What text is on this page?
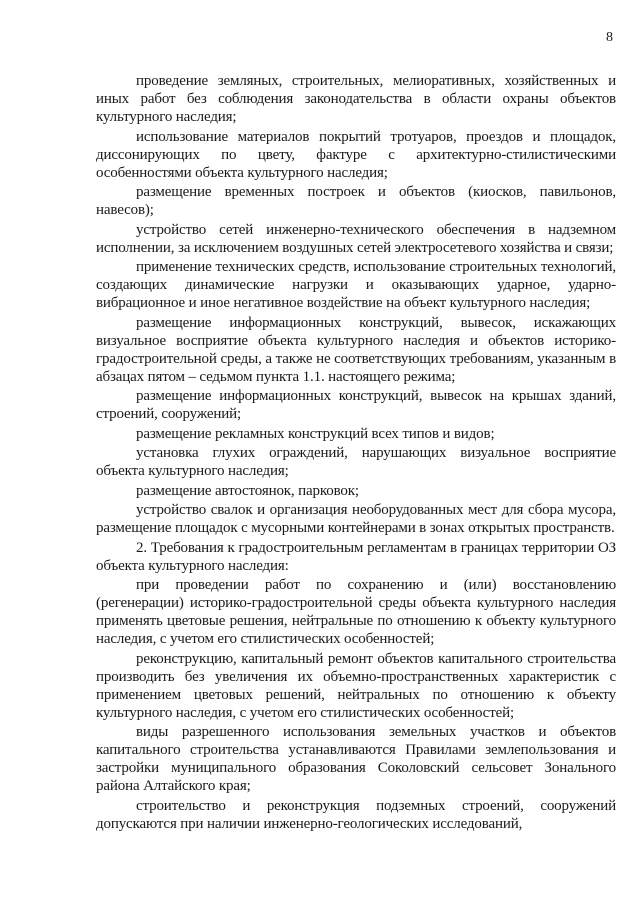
8

проведение земляных, строительных, мелиоративных, хозяйственных и иных работ без соблюдения законодательства в области охраны объектов культурного наследия;

использование материалов покрытий тротуаров, проездов и площадок, диссонирующих по цвету, фактуре с архитектурно-стилистическими особенностями объекта культурного наследия;

размещение временных построек и объектов (киосков, павильонов, навесов);

устройство сетей инженерно-технического обеспечения в надземном исполнении, за исключением воздушных сетей электросетевого хозяйства и связи;

применение технических средств, использование строительных технологий, создающих динамические нагрузки и оказывающих ударное, ударно-вибрационное и иное негативное воздействие на объект культурного наследия;

размещение информационных конструкций, вывесок, искажающих визуальное восприятие объекта культурного наследия и объектов историко-градостроительной среды, а также не соответствующих требованиям, указанным в абзацах пятом – седьмом пункта 1.1. настоящего режима;

размещение информационных конструкций, вывесок на крышах зданий, строений, сооружений;

размещение рекламных конструкций всех типов и видов;

установка глухих ограждений, нарушающих визуальное восприятие объекта культурного наследия;

размещение автостоянок, парковок;

устройство свалок и организация необорудованных мест для сбора мусора, размещение площадок с мусорными контейнерами в зонах открытых пространств.

2. Требования к градостроительным регламентам в границах территории ОЗ объекта культурного наследия:

при проведении работ по сохранению и (или) восстановлению (регенерации) историко-градостроительной среды объекта культурного наследия применять цветовые решения, нейтральные по отношению к объекту культурного наследия, с учетом его стилистических особенностей;

реконструкцию, капитальный ремонт объектов капитального строительства производить без увеличения их объемно-пространственных характеристик с применением цветовых решений, нейтральных по отношению к объекту культурного наследия, с учетом его стилистических особенностей;

виды разрешенного использования земельных участков и объектов капитального строительства устанавливаются Правилами землепользования и застройки муниципального образования Соколовский сельсовет Зонального района Алтайского края;

строительство и реконструкция подземных строений, сооружений допускаются при наличии инженерно-геологических исследований,
